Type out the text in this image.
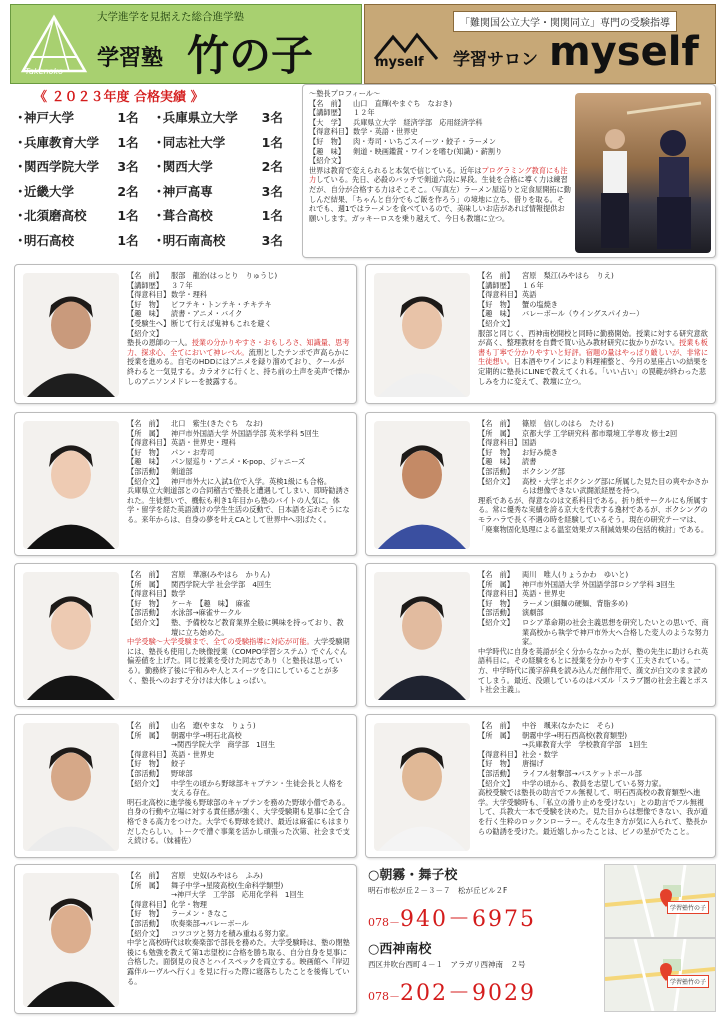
大学進学を見据えた総合進学塾
Takenoko
学習塾 竹の子
「難関国公立大学・関関同立」専門の受験指導
myself 学習サロン myself
《 ２０２３年度 合格実績 》
・
神戸大学	1名	・
兵庫県立大学	3名
・
兵庫教育大学	1名	・
同志社大学	1名
・
関西学院大学	3名	・
関西大学	2名
・
近畿大学	2名	・
神戸高専	3名
・
北須磨高校	1名	・
葺合高校	1名
・
明石高校	1名	・
明石南高校	3名
～塾長プロフィール～
【名　前】	山口　直輝(やまぐち　なおき)
【講師歴】	１２年
【大　学】	兵庫県立大学　経済学部　応用経済学科
【得意科目】 数学・英語・世界史
【好　物】	肉・寿司・いちごスイーツ・餃子・ラーメン
【趣　味】	剣道・映画鑑賞・ワインを嗜む(知識)・薪割り
【紹介文】
世界は教育で変えられると本気で信じている。近年はプログラミング教育にも注力している。先日、必殺のバッチで剣道六段に昇段。生徒を合格に導く力は練習だが、自分が合格する力はそこそこ。（写真左）ラーメン屋巡りと定食屋開拓に勤しんだ結果、「ちゃんと自分でもご飯を作ろう」の境地に立ち、借りを取る。それでも、週1ではラーメンを食べているので、美味しいお店があれば情報提供お願いします。ガッキーロスを乗り越えて、今日も教壇に立つ。
【名　前】	服部　龍治(はっとり　りゅうじ)
【講師歴】	３７年
【得意科目】 数学・理科
【好　物】	ビフテキ・トンテキ・チキテキ
【趣　味】	読書・アニメ・バイク
【受験生へ】 断じて行えば鬼神もこれを避く
【紹介文】
塾長の恩師の一人。授業の分かりやすさ・おもしろさ、知識量、思考力、探求心、全てにおいて神レベル。流刑としたテンポで声高らかに授業を進める。自宅のHDDにはアニメを録り溜めており、クールが終わると一気見する。カラオケに行くと、持ち前の土声を美声で慄かしのアニソンメドレーを披露する。
【名　前】	宮原　梨江(みやはら　りえ)
【講師歴】	１６年
【得意科目】 英語
【好　物】	蟹の塩焼き
【趣　味】	バレーボール（ウイングスパイカー）
【紹介文】
服部と同じく、西神南校開校と同時に勤務開始。授業に対する研究意欲が高く、整理教材を自費で買い込み教材研究に抜かりがない。授業も板書も丁寧で分かりやすいと好評。宿題の量はやっぱり厳しいが、非常に生徒想い。日本酒やワインにより料理補整と、今月の星座占いの結果を定期的に塾長にLINEで教えてくれる。「いい占い」の罠範が終わった悲しみを力に変えて、教壇に立つ。
【名　前】	北口　紫生(きたぐち　なお)
【所　属】	神戸市外国語大学 外国語学部 英米学科 5回生
【得意科目】 英語・世界史・理科
【好　物】	パン・お寿司
【趣　味】	パン屋巡り・アニメ・K-pop、ジャニーズ
【部活動】	剣道部
【紹介文】	神戸市外大に入試1位で入学。英検1級にも合格。
兵庫県立大剣道部との合同稽古で塾長と遭遇してしまい、即時勧誘された。生徒想いで、機転も利き1年目から塾のバイトの人気に。体学・留学を経た英語漬けの学生生活の反動で、日本語を忘れそうになる。来年からは、自身の夢を叶えCAとして世界中へ羽ばたく。
【名　前】	篠原　信(しのはら　たける)
【所　属】	京都大学 工学研究科 都市環境工学専攻 修士2回
【得意科目】 国語
【好　物】	お好み焼き
【趣　味】	読書
【部活動】	ボクシング部
【紹介文】	高校・大学とボクシング部に所属した見た目の爽やかさからは想像できない武闘派経歴を持つ。
理系であるが、得意なのは文系科目である。折り紙サークルにも所属する。常に優秀な実績を誇る京大を代表する逸材であるが、ボクシングのモラハラで長く不遇の時を経験しているそう。現在の研究テーマは、「廃棄物固化処理による温室効果ガス削減効果の包括的検討」である。
【名　前】	宮原　華凛(みやはら　かりん)
【所　属】	関西学院大学 社会学部　4回生
【得意科目】 数学
【好　物】	ケーキ　【趣　味】　麻雀
【部活動】	水泳部→麻雀サークル
【紹介文】	塾、予備校など教育業界全般に興味を持っており、教壇に立ち始めた。
中学受験～大学受験まで、全ての受験指導に対応が可能。大学受験期には、塾長も使用した映像授業（COMPO学習システム）でぐんぐん偏差値を上げた。同じ授業を受けた同志であり（と塾長は思っている）。勤務終了後に宇和みや人とスイーツを口にしていることが多く、塾長へのおすそ分けは大体しょっぱい。
【名　前】	両川　唯人(りょうかわ　ゆいと)
【所　属】	神戸市外国語大学 外国語学部ロシア学科 3回生
【得意科目】 英語・世界史
【好　物】	ラーメン(細麺の硬麺、背脂多め)
【部活動】	演劇部
【紹介文】	ロシア革命期の社会主義思想を研究したいとの思いで、商業高校から執学で神戸市外大へ合格した変人のような努力家。
中学時代に自身を英語が全く分からなかったが、塾の先生に助けられ英語科目に。その経験をもとに授業を分かりやすく工夫されている。一方、中学時代に漢字辞典を読み込んだ創作用で、漢文が白文のまま読めてしまう。最近、没頭しているのはパズル「スラブ圏の社会主義とポスト社会主義」。
【名　前】	山名　遼(やまな　りょう)
【所　属】	朝霧中学→明石北高校
→関西学院大学　商学部　1回生
【得意科目】 英語・世界史
【好　物】	餃子
【部活動】	野球部
【紹介文】	中学生の頃から野球部キャプテン・生徒会長と人格を支える存在。
明石北高校に進学後も野球部のキャプテンを務めた野球小僧である。自身の行動や立場に対する責任感が強く、大学受験期も見事に全て合格できる高力をつけた。大学でも野球を続け、最近は麻雀にもはまりだしたらしい。トークで漕ぐ事業を活かし頑張った次第、社会まで支え続ける。（妹補佐）
【名　前】	中谷　颯来(なかたに　そら)
【所　属】	朝霧中学→明石西高校(教育類型)
→兵庫教育大学　学校教育学部　1回生
【得意科目】 社会・数学
【好　物】	唐揚げ
【部活動】	ライフル射撃部→バスケットボール部
【紹介文】	中学の頃から、教員を志望している努力家。
高校受験では塾長の助言でフル無視して、明石西高校の教育類型へ進学。大学受験時も、「私立の滑り止めを受けない」との助言でフル無視して、兵教大一本で受験を決めた。見た目からは想像できない、我が道を行く生粋のロックンローラー。そんな生き方が気に入られて、塾長からの勧誘を受けた。最近嬉しかったことは、ピノの星がでたこと。
【名　前】	宮原　史奴(みやはら　ふみ)
【所　属】	舞子中学→星陵高校(生命科学類型)
→神戸大学　工学部　応用化学科　1回生
【得意科目】 化学・物理
【好　物】	ラーメン・きなこ
【部活動】	吹奏楽部→バレーボール
【紹介文】	コツコツと努力を積み重ねる努力家。
中学と高校時代は吹奏楽部で部長を務めた。大学受験時は、塾の閉塾後にも勉強を教えて第1志望校に合格を勝ち取る、自分自身を見事に合格した。面倒見の良さとハイスペックを両立する。映画館へ『岸辺露伴ルーヴルへ行く』を見に行った際に寝落ちしたことを後悔している。
○朝霧・舞子校
明石市松が丘２－３－７　松が丘ビル２F
078－940－6975	学習塾竹の子
○西神南校
西区井吹台西町４－１　アラガリ西神南　２号
078－202－9029	学習塾竹の子
